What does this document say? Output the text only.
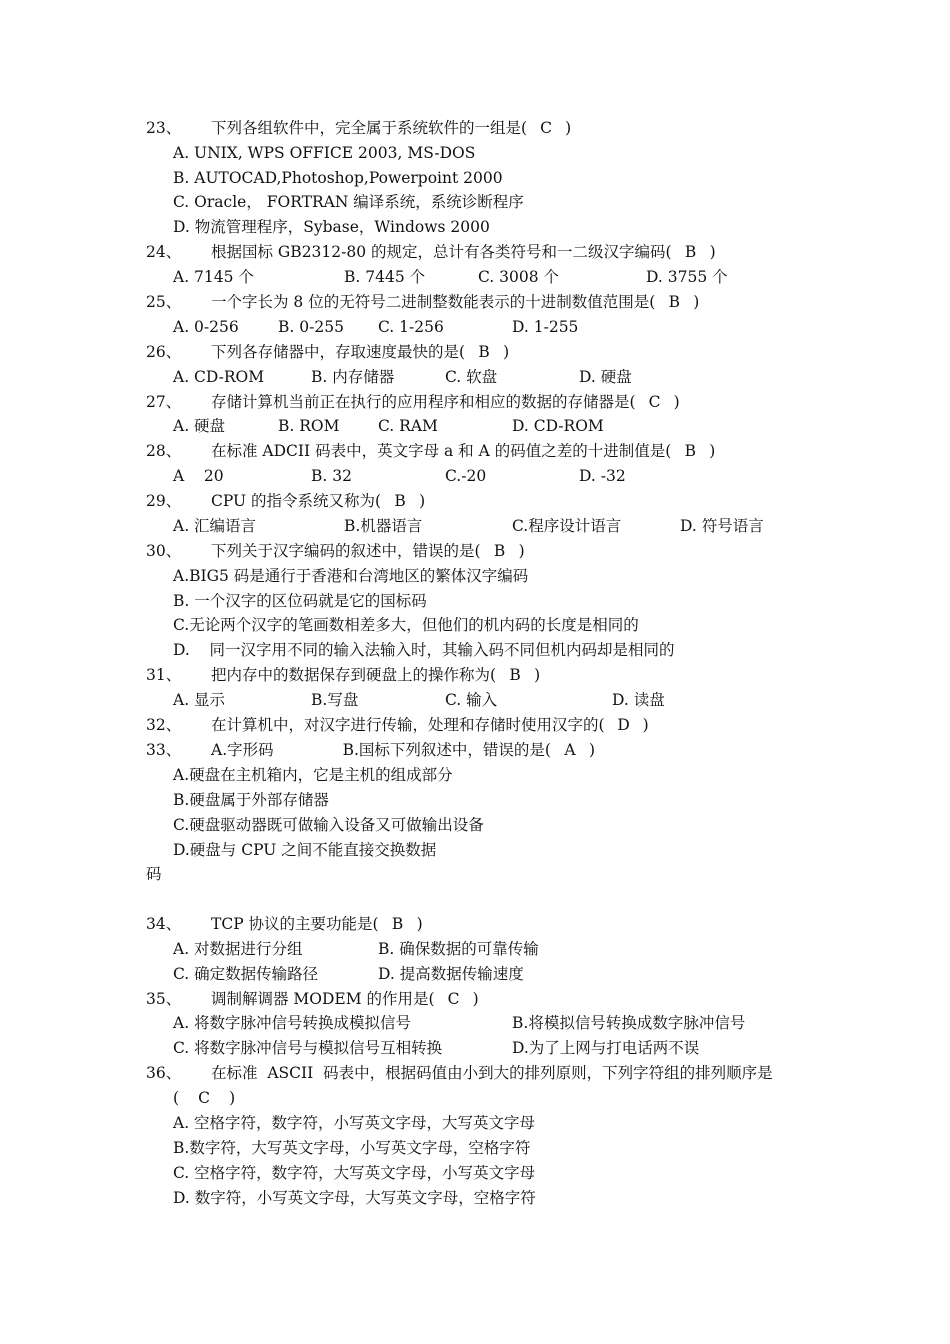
23、 下列各组软件中，完全属于系统软件的一组是( C )
A. UNIX, WPS OFFICE 2003, MS-DOS
B. AUTOCAD,Photoshop,Powerpoint 2000
C. Oracle， FORTRAN 编译系统，系统诊断程序
D. 物流管理程序，Sybase，Windows 2000
24、 根据国标 GB2312-80 的规定，总计有各类符号和一二级汉字编码( B )
A. 7145 个	B. 7445 个	C. 3008 个	D. 3755 个
25、 一个字长为 8 位的无符号二进制整数能表示的十进制数值范围是( B )
A. 0-256	B. 0-255 C. 1-256	D. 1-255
26、 下列各存储器中，存取速度最快的是( B )
A. CD-ROM	B. 内存储器	C. 软盘	D. 硬盘
27、 存储计算机当前正在执行的应用程序和相应的数据的存储器是( C )
A. 硬盘	B. ROM C. RAM	D. CD-ROM
28、 在标准 ADCII 码表中，英文字母 a 和 A 的码值之差的十进制值是( B )
A    20	B. 32	C.-20	D. -32
29、 CPU 的指令系统又称为( B )
A. 汇编语言	B.机器语言	C.程序设计语言	D. 符号语言
30、 下列关于汉字编码的叙述中，错误的是( B )
A.BIG5 码是通行于香港和台湾地区的繁体汉字编码
B. 一个汉字的区位码就是它的国标码
C.无论两个汉字的笔画数相差多大，但他们的机内码的长度是相同的
D.    同一汉字用不同的输入法输入时，其输入码不同但机内码却是相同的
31、 把内存中的数据保存到硬盘上的操作称为( B )
A. 显示	B.写盘	C. 输入	D. 读盘
32、 在计算机中，对汉字进行传输，处理和存储时使用汉字的( D )
33、 A.字形码              B.国标下列叙述中，错误的是( A )
A.硬盘在主机箱内，它是主机的组成部分
B.硬盘属于外部存储器
C.硬盘驱动器既可做输入设备又可做输出设备
D.硬盘与 CPU 之间不能直接交换数据
码
34、 TCP 协议的主要功能是( B )
A. 对数据进行分组	B. 确保数据的可靠传输
C. 确定数据传输路径	D. 提高数据传输速度
35、 调制解调器 MODEM 的作用是( C )
A. 将数字脉冲信号转换成模拟信号	B.将模拟信号转换成数字脉冲信号
C. 将数字脉冲信号与模拟信号互相转换	D.为了上网与打电话两不误
36、 在标准  ASCII  码表中，根据码值由小到大的排列原则，下列字符组的排列顺序是
( C )
A. 空格字符，数字符，小写英文字母，大写英文字母
B.数字符，大写英文字母，小写英文字母，空格字符
C. 空格字符，数字符，大写英文字母，小写英文字母
D. 数字符，小写英文字母，大写英文字母，空格字符
